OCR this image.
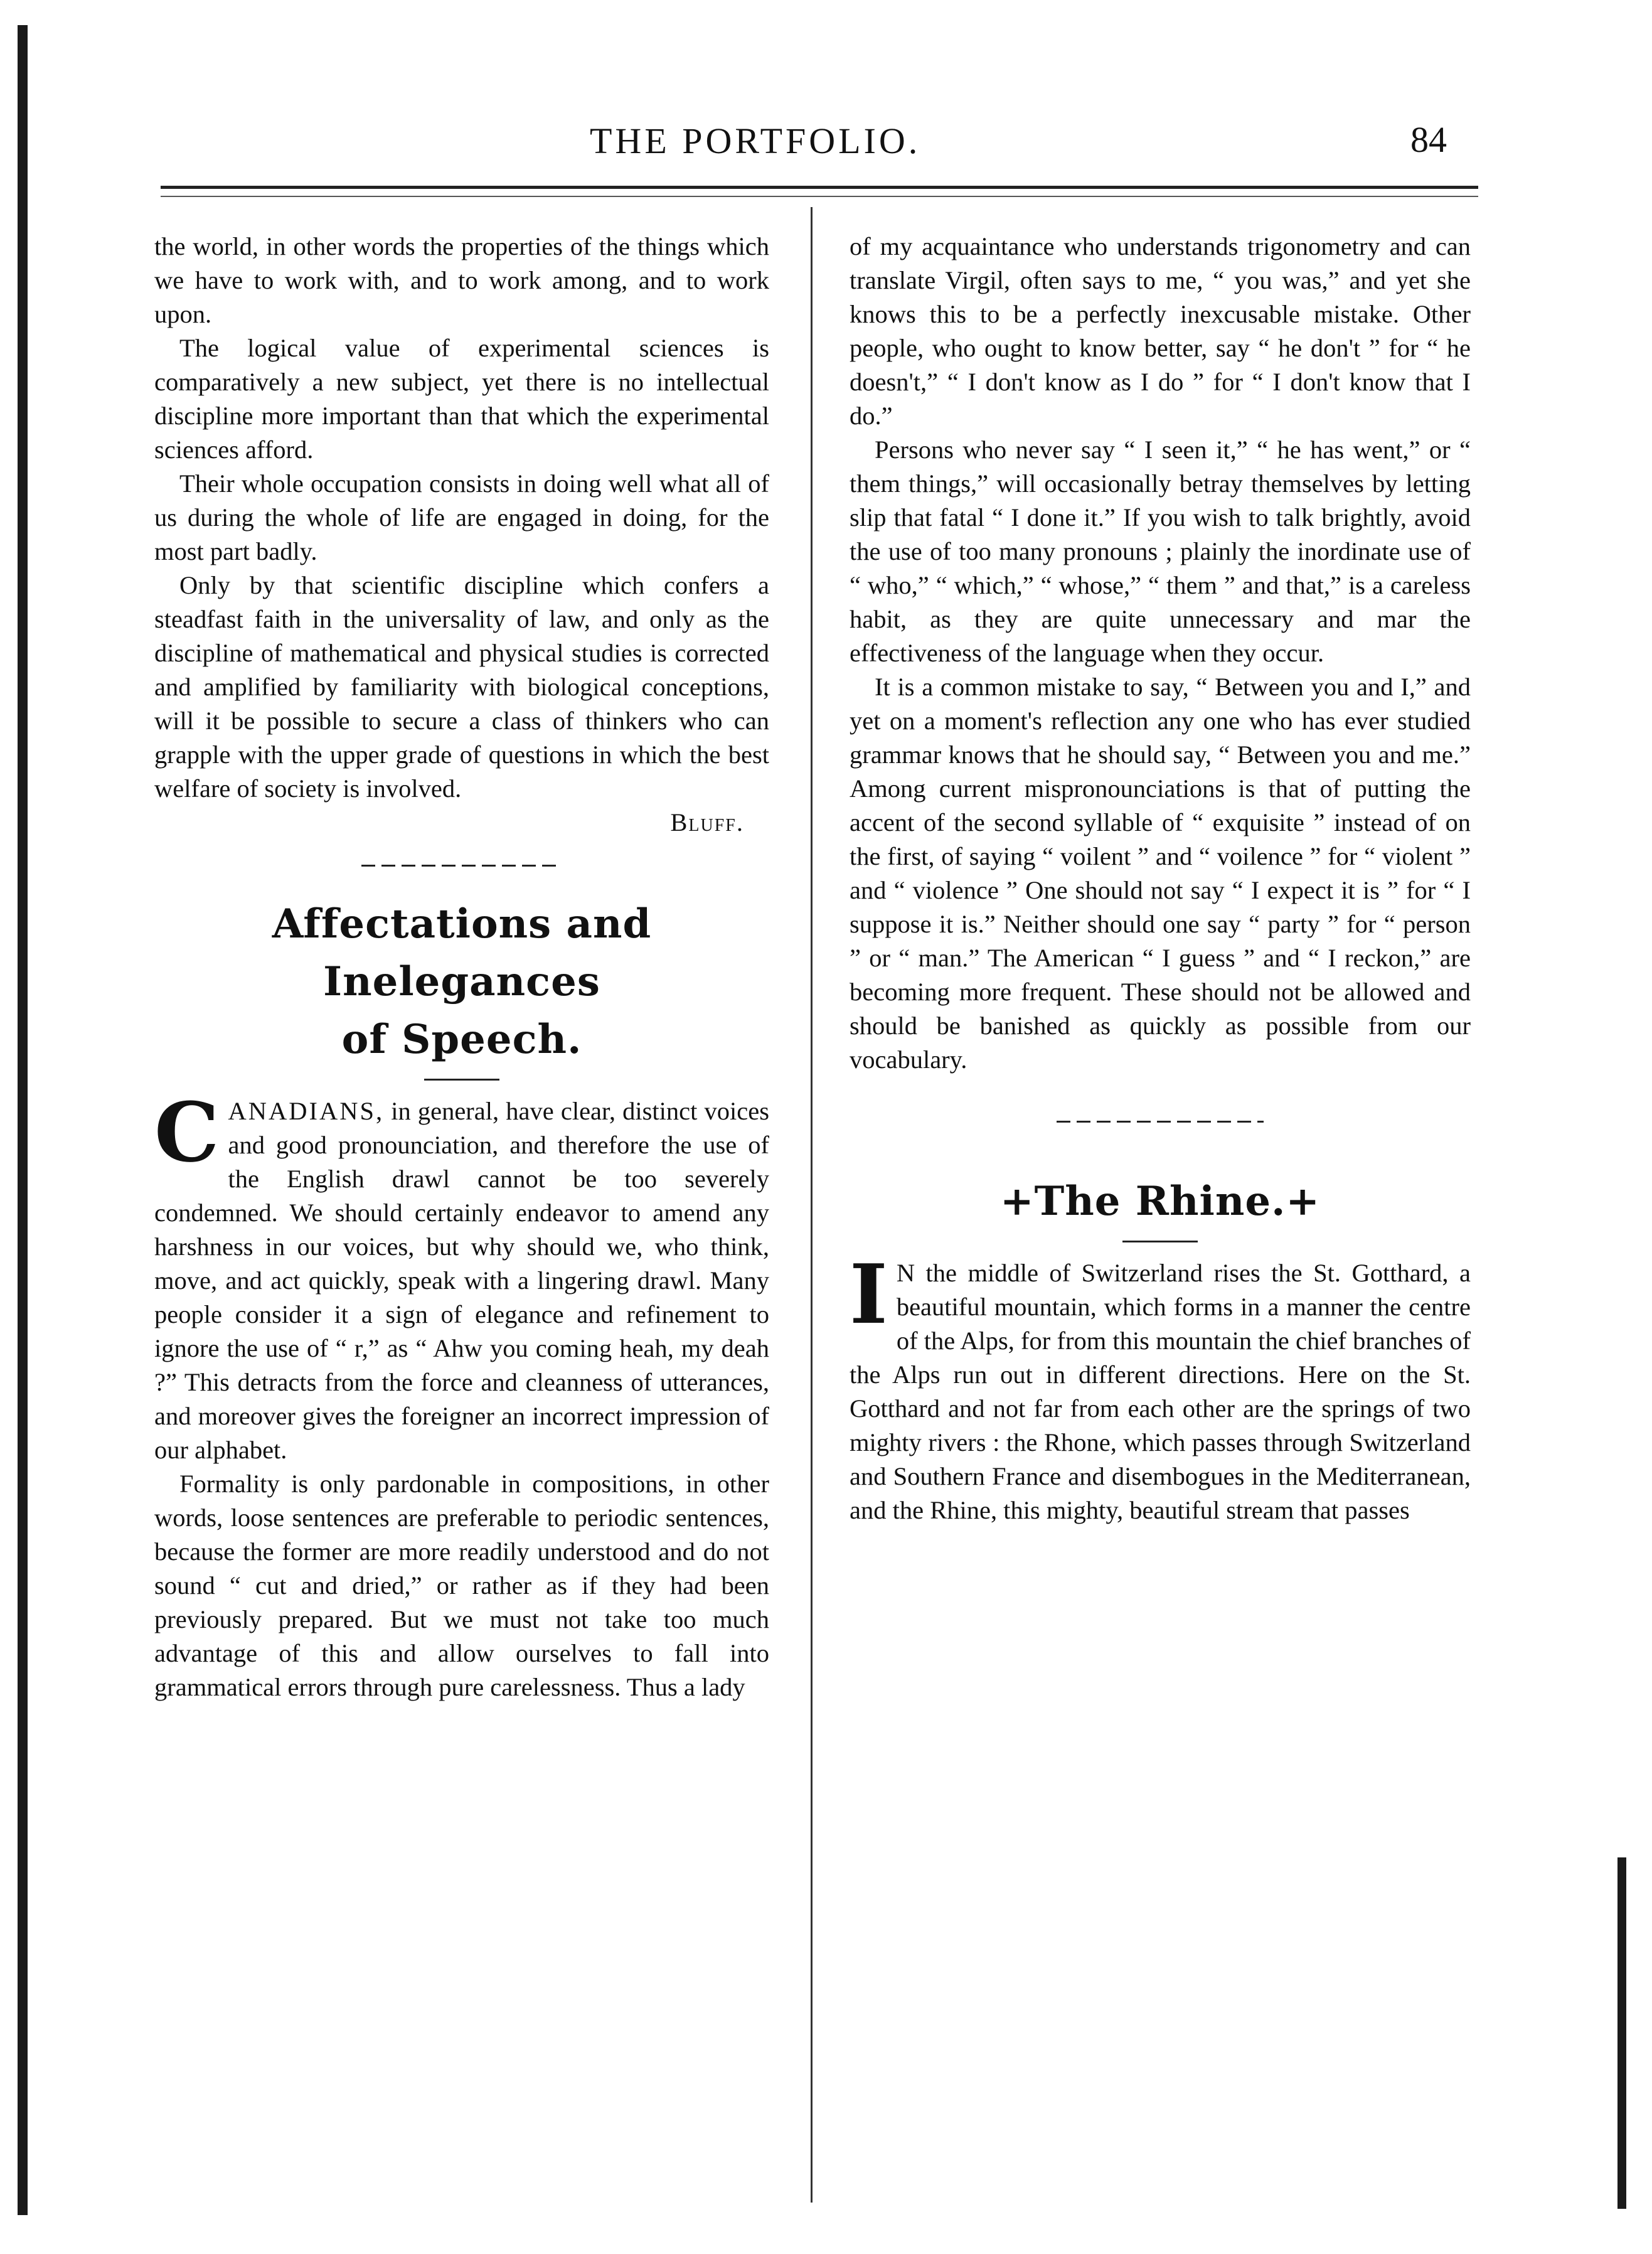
THE PORTFOLIO.	84

the world, in other words the properties of the things which we have to work with, and to work among, and to work upon.

The logical value of experimental sciences is comparatively a new subject, yet there is no intellectual discipline more important than that which the experimental sciences afford.

Their whole occupation consists in doing well what all of us during the whole of life are engaged in doing, for the most part badly.

Only by that scientific discipline which confers a steadfast faith in the universality of law, and only as the discipline of mathematical and physical studies is corrected and amplified by familiarity with biological conceptions, will it be possible to secure a class of thinkers who can grapple with the upper grade of questions in which the best welfare of society is involved.

Bluff.

Affectations and Inelegances

of Speech.

CANADIANS, in general, have clear, distinct voices and good pronounciation, and therefore the use of the English drawl cannot be too severely condemned. We should certainly endeavor to amend any harshness in our voices, but why should we, who think, move, and act quickly, speak with a lingering drawl. Many people consider it a sign of elegance and refinement to ignore the use of “ r,” as “ Ahw you coming heah, my deah ?” This detracts from the force and cleanness of utterances, and moreover gives the foreigner an incorrect impression of our alphabet.

Formality is only pardonable in compositions, in other words, loose sentences are preferable to periodic sentences, because the former are more readily understood and do not sound “ cut and dried,” or rather as if they had been previously prepared. But we must not take too much advantage of this and allow ourselves to fall into grammatical errors through pure carelessness. Thus a lady

of my acquaintance who understands trigonometry and can translate Virgil, often says to me, “ you was,” and yet she knows this to be a perfectly inexcusable mistake. Other people, who ought to know better, say “ he don't ” for “ he doesn't,” “ I don't know as I do ” for “ I don't know that I do.”

Persons who never say “ I seen it,” “ he has went,” or “ them things,” will occasionally betray themselves by letting slip that fatal “ I done it.” If you wish to talk brightly, avoid the use of too many pronouns ; plainly the inordinate use of “ who,” “ which,” “ whose,” “ them ” and that,” is a careless habit, as they are quite unnecessary and mar the effectiveness of the language when they occur.

It is a common mistake to say, “ Between you and I,” and yet on a moment's reflection any one who has ever studied grammar knows that he should say, “ Between you and me.” Among current mispronounciations is that of putting the accent of the second syllable of “ exquisite ” instead of on the first, of saying “ voilent ” and “ voilence ” for “ violent ” and “ violence ” One should not say “ I expect it is ” for “ I suppose it is.” Neither should one say “ party ” for “ person ” or “ man.” The American “ I guess ” and “ I reckon,” are becoming more frequent. These should not be allowed and should be banished as quickly as possible from our vocabulary.

+The Rhine.+

I N the middle of Switzerland rises the St. Gotthard, a beautiful mountain, which forms in a manner the centre of the Alps, for from this mountain the chief branches of the Alps run out in different directions. Here on the St. Gotthard and not far from each other are the springs of two mighty rivers : the Rhone, which passes through Switzerland and Southern France and disembogues in the Mediterranean, and the Rhine, this mighty, beautiful stream that passes
